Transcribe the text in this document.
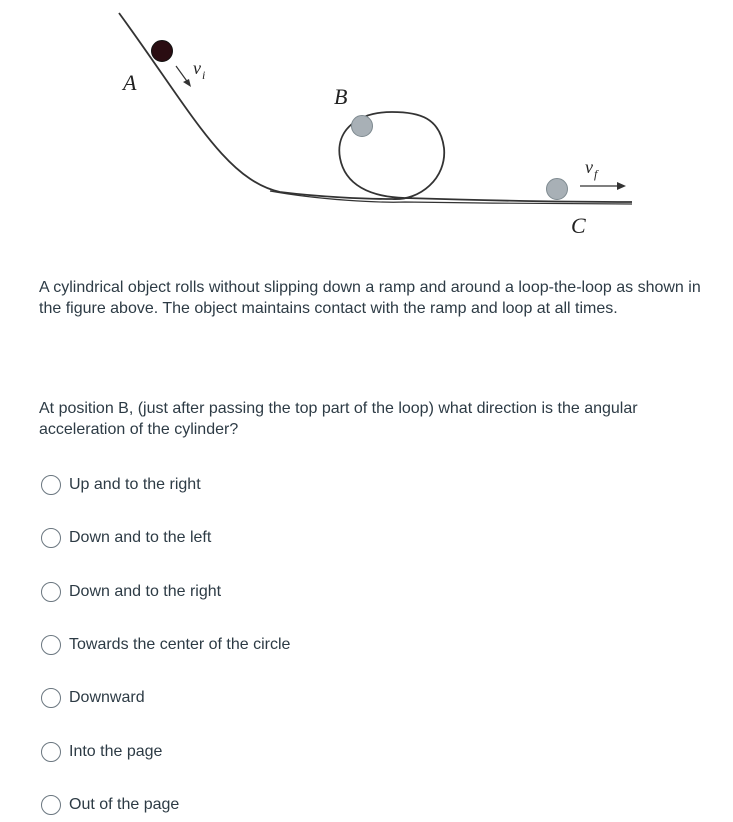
$v_i$
A
B
C
$v_f$

A cylindrical object rolls without slipping down a ramp and around a loop-the-loop as shown in the figure above. The object maintains contact with the ramp and loop at all times.

At position B, (just after passing the top part of the loop) what direction is the angular acceleration of the cylinder?

Up and to the right
Down and to the left
Down and to the right
Towards the center of the circle
Downward
Into the page
Out of the page
